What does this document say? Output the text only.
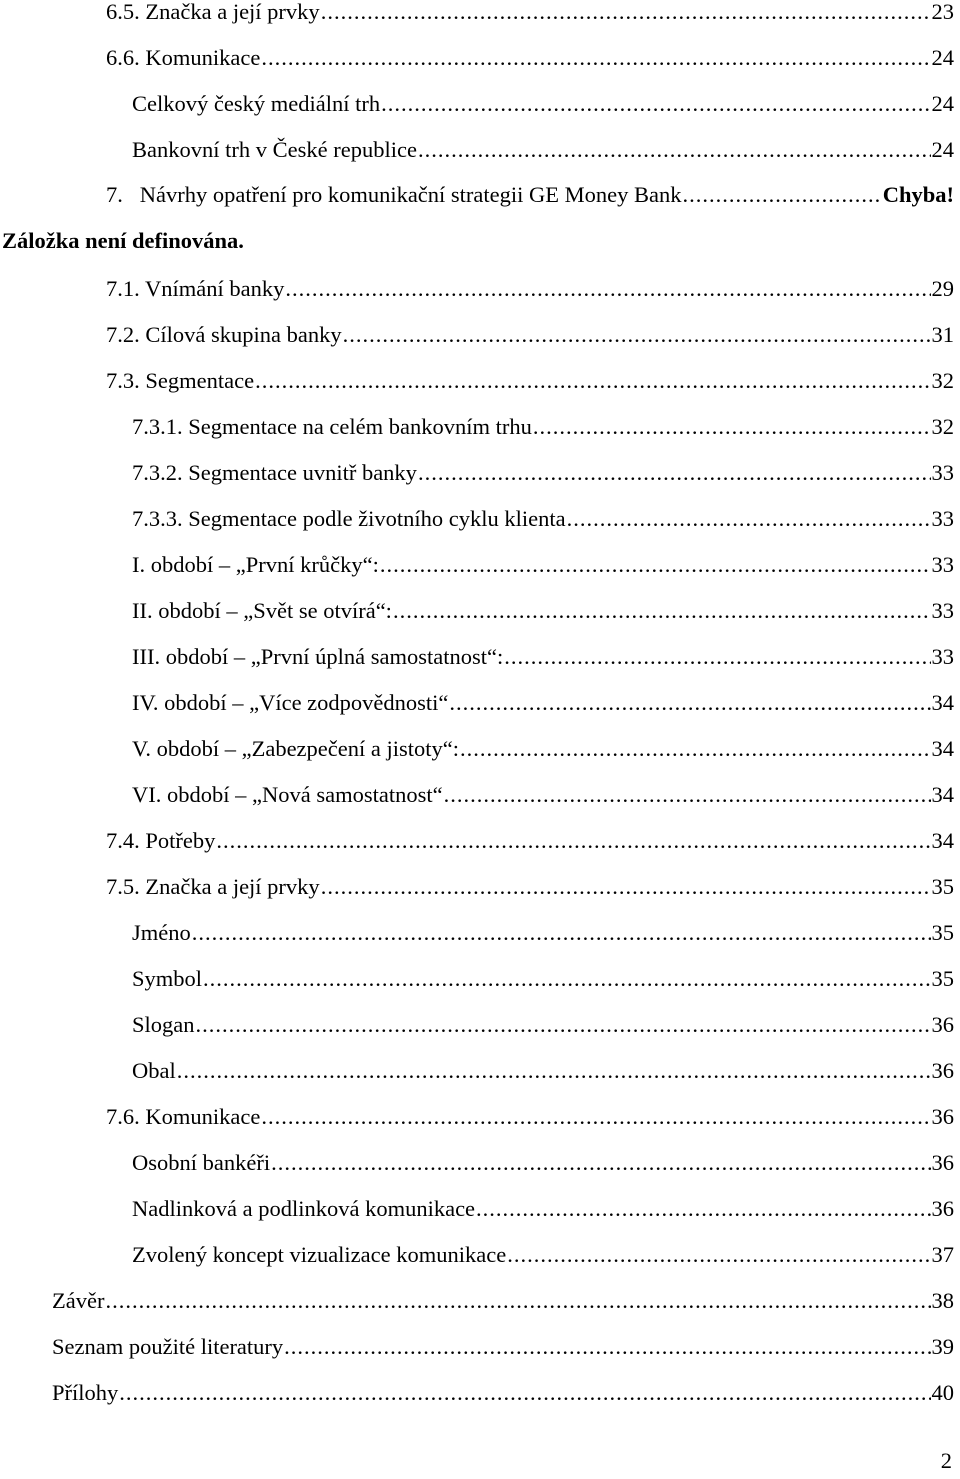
6.5. Značka a její prvky .....	23
6.6. Komunikace .....	24
Celkový český mediální trh .....	24
Bankovní trh v České republice .....	24
7.   Návrhy opatření pro komunikační strategii GE Money Bank .....	Chyba!
Záložka není definována.
7.1. Vnímání banky .....	29
7.2. Cílová skupina banky .....	31
7.3. Segmentace .....	32
7.3.1. Segmentace na celém bankovním trhu .....	32
7.3.2. Segmentace uvnitř banky .....	33
7.3.3. Segmentace podle životního cyklu klienta .....	33
I. období – „První krůčky“: .....	33
II. období – „Svět se otvírá“: .....	33
III. období – „První úplná samostatnost“: .....	33
IV. období – „Více zodpovědnosti“ .....	34
V. období – „Zabezpečení a jistoty“: .....	34
VI. období – „Nová samostatnost“ .....	34
7.4. Potřeby .....	34
7.5. Značka a její prvky .....	35
Jméno .....	35
Symbol .....	35
Slogan .....	36
Obal .....	36
7.6. Komunikace .....	36
Osobní bankéři .....	36
Nadlinková a podlinková komunikace .....	36
Zvolený koncept vizualizace komunikace .....	37
Závěr .....	38
Seznam použité literatury .....	39
Přílohy .....	40
2
